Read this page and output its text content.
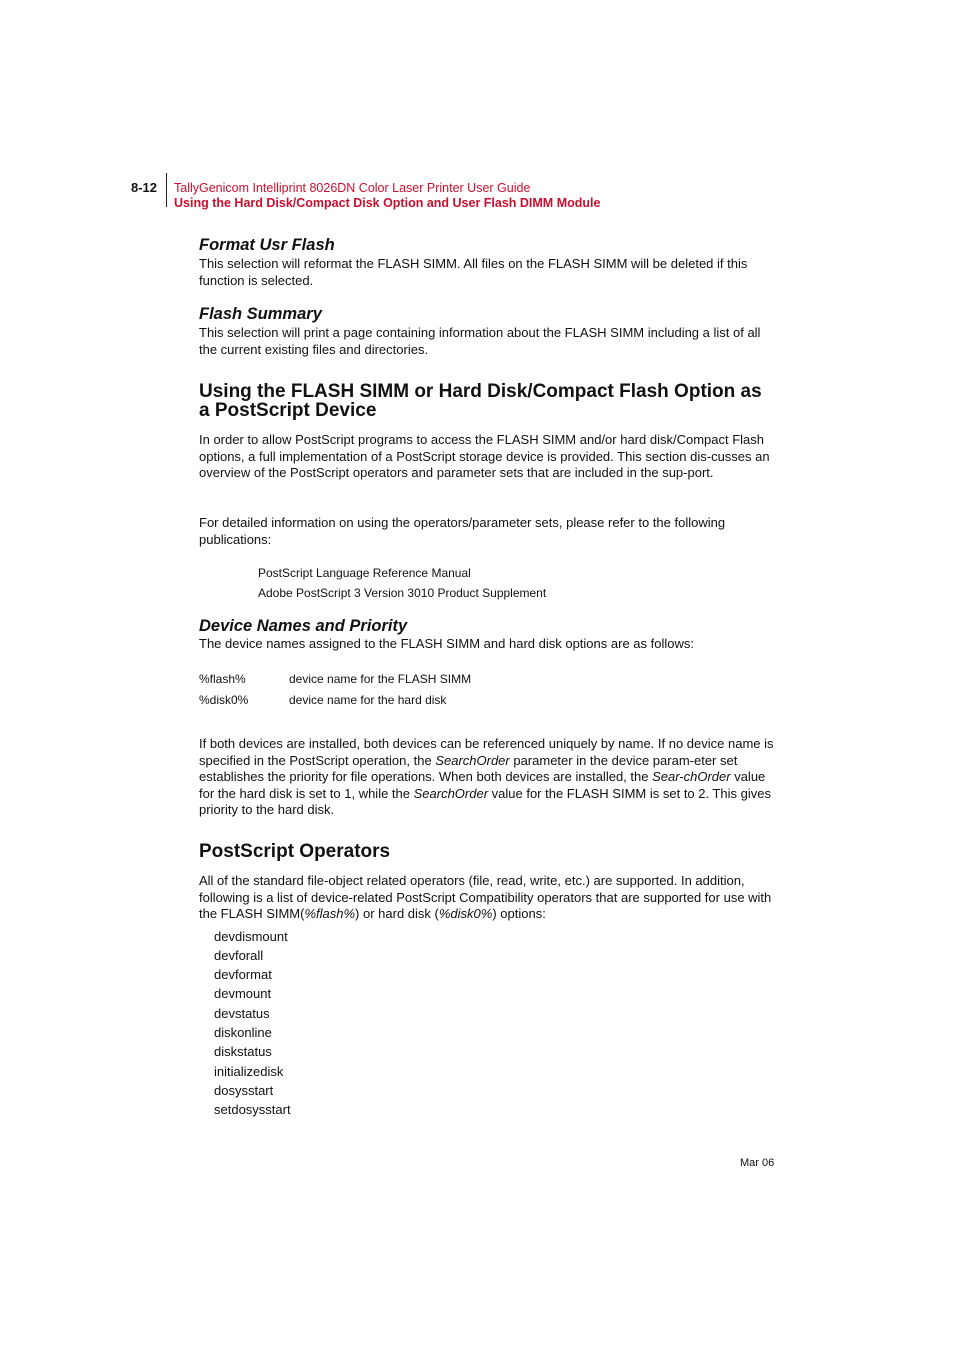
8-12 TallyGenicom Intelliprint 8026DN Color Laser Printer User Guide
Using the Hard Disk/Compact Disk Option and User Flash DIMM Module
Format Usr Flash
This selection will reformat the FLASH SIMM. All files on the FLASH SIMM will be deleted if this function is selected.
Flash Summary
This selection will print a page containing information about the FLASH SIMM including a list of all the current existing files and directories.
Using the FLASH SIMM or Hard Disk/Compact Flash Option as
a PostScript Device
In order to allow PostScript programs to access the FLASH SIMM and/or hard disk/Compact Flash options, a full implementation of a PostScript storage device is provided. This section dis-cusses an overview of the PostScript operators and parameter sets that are included in the sup-port.
For detailed information on using the operators/parameter sets, please refer to the following publications:
PostScript Language Reference Manual
Adobe PostScript 3 Version 3010 Product Supplement
Device Names and Priority
The device names assigned to the FLASH SIMM and hard disk options are as follows:
%flash%	device name for the FLASH SIMM
%disk0%	device name for the hard disk
If both devices are installed, both devices can be referenced uniquely by name. If no device name is specified in the PostScript operation, the SearchOrder parameter in the device param-eter set establishes the priority for file operations. When both devices are installed, the Sear-chOrder value for the hard disk is set to 1, while the SearchOrder value for the FLASH SIMM is set to 2. This gives priority to the hard disk.
PostScript Operators
All of the standard file-object related operators (file, read, write, etc.) are supported. In addition, following is a list of device-related PostScript Compatibility operators that are supported for use with the FLASH SIMM(%flash%) or hard disk (%disk0%) options:
devdismount
devforall
devformat
devmount
devstatus
diskonline
diskstatus
initializedisk
dosysstart
setdosysstart
Mar 06
